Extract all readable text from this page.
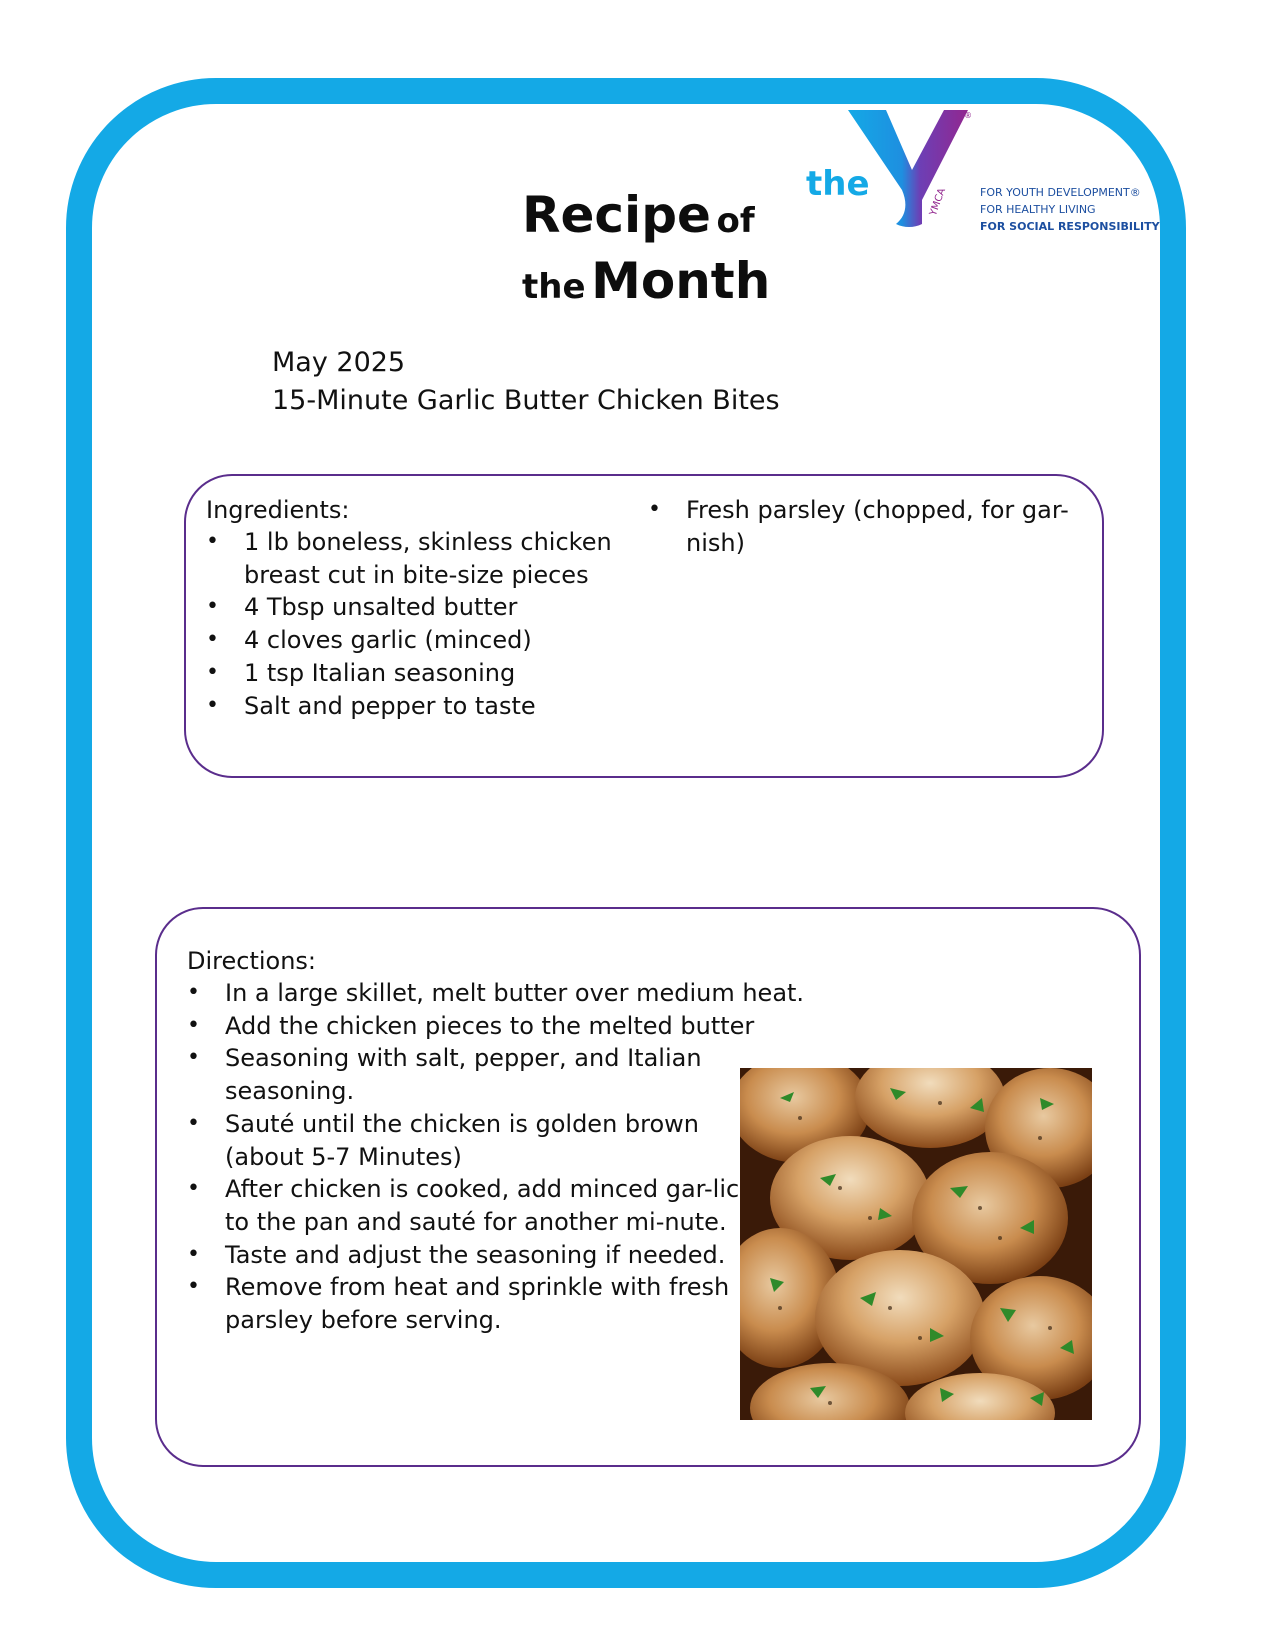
Recipe of
the Month
the	YMCA
®
FOR YOUTH DEVELOPMENT®
FOR HEALTHY LIVING
FOR SOCIAL RESPONSIBILITY
May 2025
15-Minute Garlic Butter Chicken Bites
Ingredients:
• 1 lb boneless, skinless chicken breast cut in bite-size pieces
• 4 Tbsp unsalted butter
• 4 cloves garlic (minced)
• 1 tsp Italian seasoning
• Salt and pepper to taste
• Fresh parsley (chopped, for gar-nish)
Directions:
• In a large skillet, melt butter over medium heat.
• Add the chicken pieces to the melted butter
• Seasoning with salt, pepper, and Italian seasoning.
• Sauté until the chicken is golden brown (about 5-7 Minutes)
• After chicken is cooked, add minced gar-lic to the pan and sauté for another mi-nute.
• Taste and adjust the seasoning if needed.
• Remove from heat and sprinkle with fresh parsley before serving.
